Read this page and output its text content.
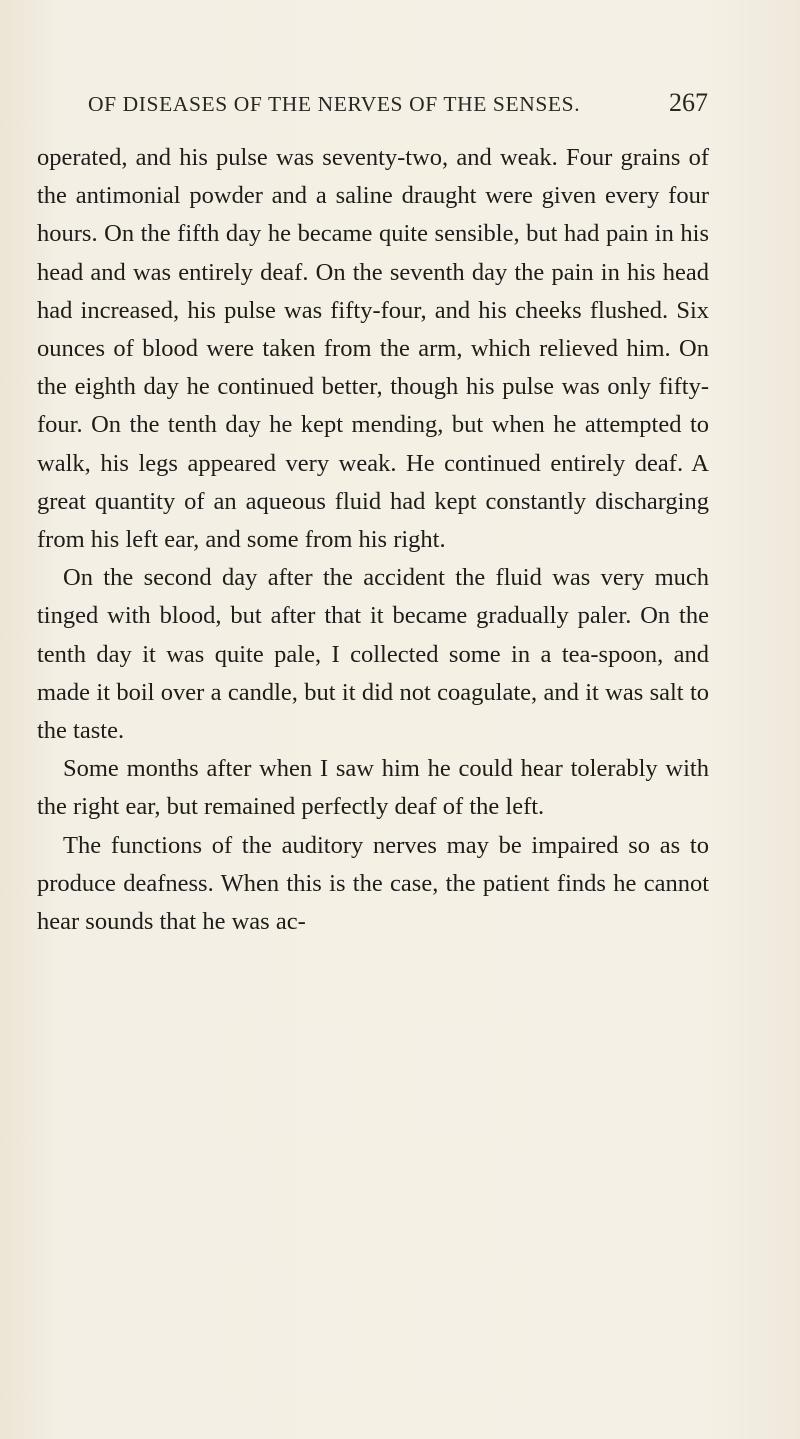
OF DISEASES OF THE NERVES OF THE SENSES.	267

operated, and his pulse was seventy-two, and weak. Four grains of the antimonial powder and a saline draught were given every four hours. On the fifth day he became quite sensible, but had pain in his head and was entirely deaf. On the seventh day the pain in his head had increased, his pulse was fifty-four, and his cheeks flushed. Six ounces of blood were taken from the arm, which relieved him. On the eighth day he continued better, though his pulse was only fifty-four. On the tenth day he kept mending, but when he attempted to walk, his legs appeared very weak. He continued entirely deaf. A great quantity of an aqueous fluid had kept constantly discharging from his left ear, and some from his right.

On the second day after the accident the fluid was very much tinged with blood, but after that it became gradually paler. On the tenth day it was quite pale, I collected some in a tea-spoon, and made it boil over a candle, but it did not coagulate, and it was salt to the taste.

Some months after when I saw him he could hear tolerably with the right ear, but remained perfectly deaf of the left.

The functions of the auditory nerves may be impaired so as to produce deafness. When this is the case, the patient finds he cannot hear sounds that he was ac-
